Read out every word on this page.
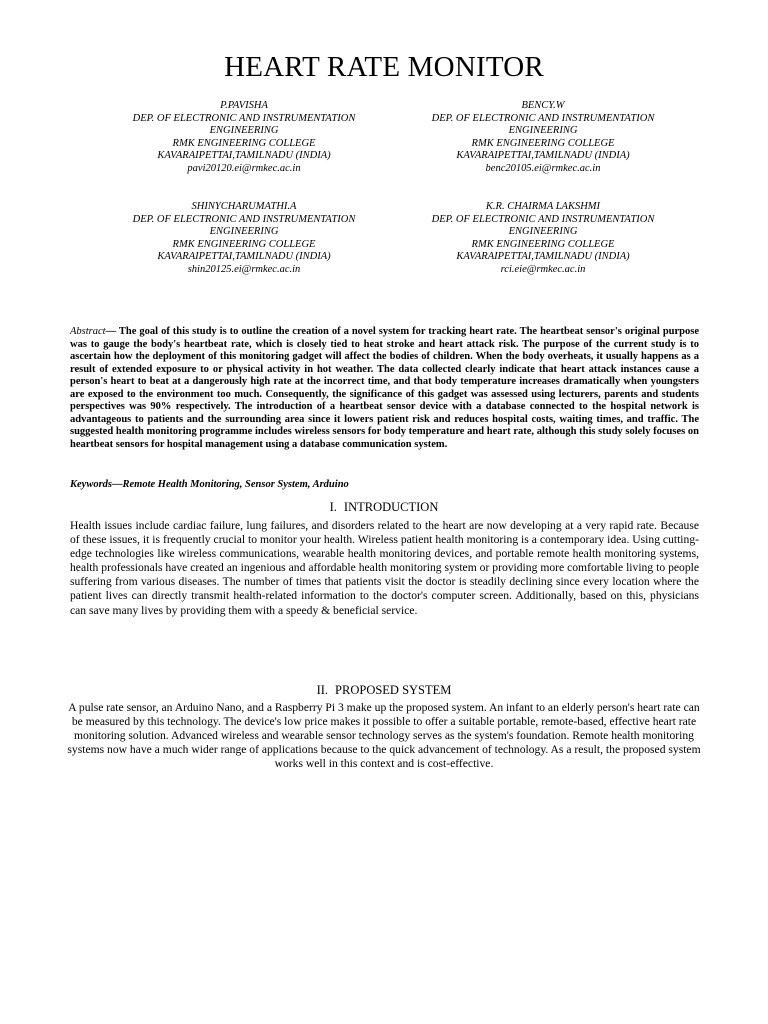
HEART RATE MONITOR
P.PAVISHA
DEP. OF ELECTRONIC AND INSTRUMENTATION
ENGINEERING
RMK ENGINEERING COLLEGE
KAVARAIPETTAI,TAMILNADU (INDIA)
pavi20120.ei@rmkec.ac.in
BENCY.W
DEP. OF ELECTRONIC AND INSTRUMENTATION
ENGINEERING
RMK ENGINEERING COLLEGE
KAVARAIPETTAI,TAMILNADU (INDIA)
benc20105.ei@rmkec.ac.in
SHINYCHARUMATHI.A
DEP. OF ELECTRONIC AND INSTRUMENTATION
ENGINEERING
RMK ENGINEERING COLLEGE
KAVARAIPETTAI,TAMILNADU (INDIA)
shin20125.ei@rmkec.ac.in
K.R. CHAIRMA LAKSHMI
DEP. OF ELECTRONIC AND INSTRUMENTATION
ENGINEERING
RMK ENGINEERING COLLEGE
KAVARAIPETTAI,TAMILNADU (INDIA)
rci.eie@rmkec.ac.in
Abstract— The goal of this study is to outline the creation of a novel system for tracking heart rate. The heartbeat sensor's original purpose was to gauge the body's heartbeat rate, which is closely tied to heat stroke and heart attack risk. The purpose of the current study is to ascertain how the deployment of this monitoring gadget will affect the bodies of children. When the body overheats, it usually happens as a result of extended exposure to or physical activity in hot weather. The data collected clearly indicate that heart attack instances cause a person's heart to beat at a dangerously high rate at the incorrect time, and that body temperature increases dramatically when youngsters are exposed to the environment too much. Consequently, the significance of this gadget was assessed using lecturers, parents and students perspectives was 90% respectively. The introduction of a heartbeat sensor device with a database connected to the hospital network is advantageous to patients and the surrounding area since it lowers patient risk and reduces hospital costs, waiting times, and traffic. The suggested health monitoring programme includes wireless sensors for body temperature and heart rate, although this study solely focuses on heartbeat sensors for hospital management using a database communication system.
Keywords—Remote Health Monitoring, Sensor System, Arduino
I. INTRODUCTION
Health issues include cardiac failure, lung failures, and disorders related to the heart are now developing at a very rapid rate. Because of these issues, it is frequently crucial to monitor your health. Wireless patient health monitoring is a contemporary idea. Using cutting-edge technologies like wireless communications, wearable health monitoring devices, and portable remote health monitoring systems, health professionals have created an ingenious and affordable health monitoring system or providing more comfortable living to people suffering from various diseases. The number of times that patients visit the doctor is steadily declining since every location where the patient lives can directly transmit health-related information to the doctor's computer screen. Additionally, based on this, physicians can save many lives by providing them with a speedy & beneficial service.
II. PROPOSED SYSTEM
A pulse rate sensor, an Arduino Nano, and a Raspberry Pi 3 make up the proposed system. An infant to an elderly person's heart rate can be measured by this technology. The device's low price makes it possible to offer a suitable portable, remote-based, effective heart rate monitoring solution. Advanced wireless and wearable sensor technology serves as the system's foundation. Remote health monitoring systems now have a much wider range of applications because to the quick advancement of technology. As a result, the proposed system works well in this context and is cost-effective.
